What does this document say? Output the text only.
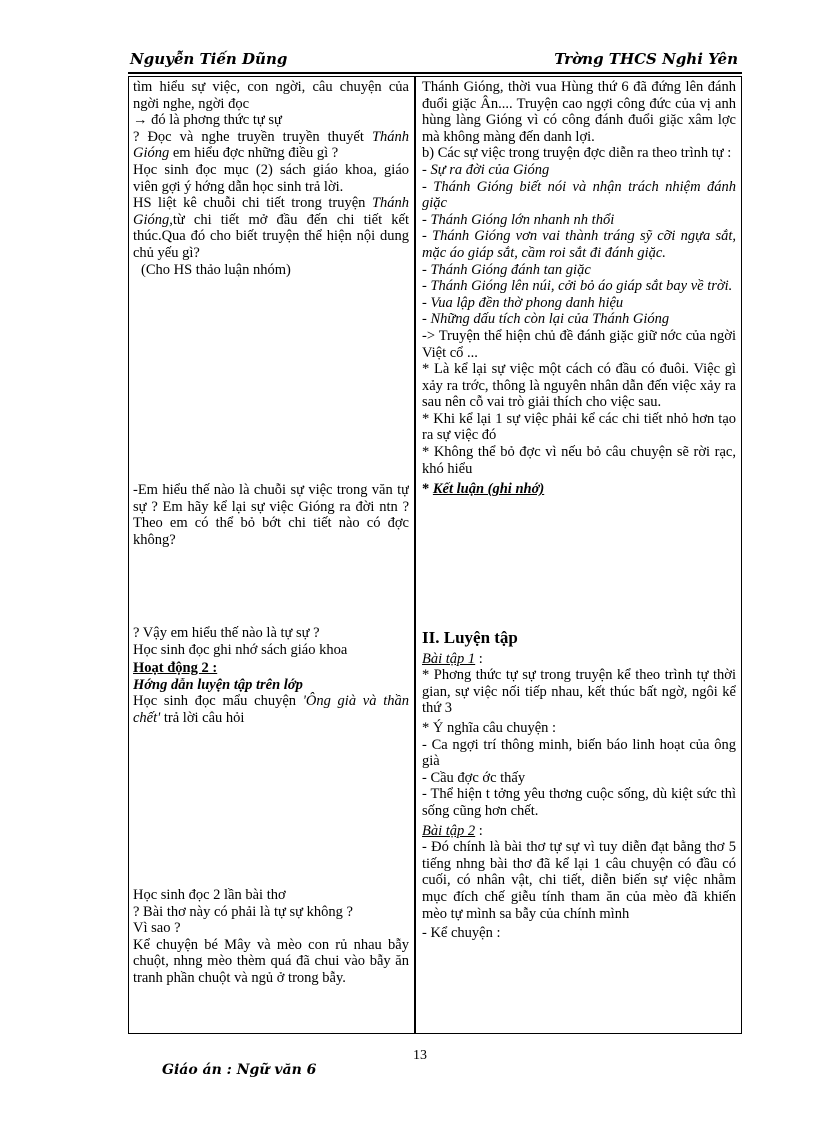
Nguyễn Tiến Dũng	Trờng THCS Nghi Yên

tìm hiểu sự việc, con ngời, câu chuyện của ngời nghe, ngời đọc

→ đó là phơng thức tự sự

? Đọc và nghe truyền truyền thuyết Thánh Gióng em hiểu đợc những điều gì ?

Học sinh đọc mục (2) sách giáo khoa, giáo viên gợi ý hớng dẫn học sinh trả lời.

HS liệt kê chuỗi chi tiết trong truyện Thánh Gióng,từ chi tiết mở đầu đến chi tiết kết thúc.Qua đó cho biết truyện thể hiện nội dung chủ yếu gì?

(Cho HS thảo luận nhóm)

-Em hiểu thế nào là chuỗi sự việc trong văn tự sự ? Em hãy kể lại sự việc Gióng ra đời ntn ? Theo em có thể bỏ bớt chi tiết nào có đợc không?

? Vậy em hiểu thế nào là tự sự ?

Học sinh đọc ghi nhớ sách giáo khoa

Hoạt động 2 :

Hớng dẫn luyện tập trên lớp

Học sinh đọc mẩu chuyện 'Ông già và thần chết' trả lời câu hỏi

Học sinh đọc 2 lần bài thơ

? Bài thơ này có phải là tự sự không ?

Vì sao ?

Kể chuyện bé Mây và mèo con rủ nhau bẫy chuột, nhng mèo thèm quá đã chui vào bẫy ăn tranh phần chuột và ngủ ở trong bẫy.

Thánh Gióng, thời vua Hùng thứ 6 đã đứng lên đánh đuổi giặc Ân.... Truyện cao ngợi công đức của vị anh hùng làng Gióng vì có công đánh đuổi giặc xâm lợc mà không màng đến danh lợi.

b) Các sự việc trong truyện đợc diễn ra theo trình tự :

- Sự ra đời của Gióng

- Thánh Gióng biết nói và nhận trách nhiệm đánh giặc

- Thánh Gióng lớn nhanh nh thổi

- Thánh Gióng vơn vai thành tráng sỹ cỡi ngựa sắt, mặc áo giáp sắt, cầm roi sắt đi đánh giặc.

- Thánh Gióng đánh tan giặc

- Thánh Gióng lên núi, cởi bỏ áo giáp sắt bay về trời.

- Vua lập đền thờ phong danh hiệu

- Những dấu tích còn lại của Thánh Gióng

-> Truyện thể hiện chủ đề đánh giặc giữ nớc của ngời Việt cổ ...

* Là kể lại sự việc một cách có đầu có đuôi. Việc gì xảy ra trớc, thông là nguyên nhân dẫn đến việc xảy ra sau nên cỗ vai trò giải thích cho việc sau.

* Khi kể lại 1 sự việc phải kể các chi tiết nhỏ hơn tạo ra sự việc đó

* Không thể bỏ đợc vì nếu bỏ câu chuyện sẽ rời rạc, khó hiểu

* Kết luận (ghi nhớ)

II. Luyện tập

Bài tập 1 :

* Phơng thức tự sự trong truyện kể theo trình tự thời gian, sự việc nối tiếp nhau, kết thúc bất ngờ, ngôi kể thứ 3

* Ý nghĩa câu chuyện :

- Ca ngợi trí thông minh, biến báo linh hoạt của ông già

- Cầu đợc ớc thấy

- Thể hiện t tởng yêu thơng cuộc sống, dù kiệt sức thì sống cũng hơn chết.

Bài tập 2 :

- Đó chính là bài thơ tự sự vì tuy diễn đạt bằng thơ 5 tiếng nhng bài thơ đã kể lại 1 câu chuyện có đầu có cuối, có nhân vật, chi tiết, diễn biến sự việc nhằm mục đích chế giễu tính tham ăn của mèo đã khiến mèo tự mình sa bẫy của chính mình

- Kể chuyện :

13
Giáo án : Ngữ văn 6
